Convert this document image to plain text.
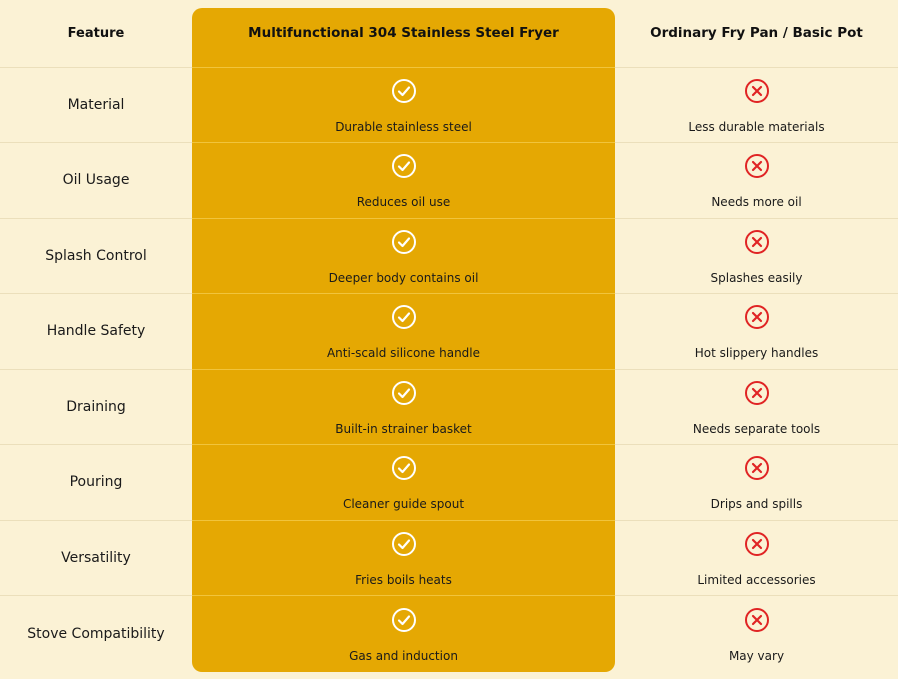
Feature	Multifunctional 304 Stainless Steel Fryer	Ordinary Fry Pan / Basic Pot
Material	Durable stainless steel	Less durable materials

Oil Usage	Reduces oil use	Needs more oil

Splash Control	Deeper body contains oil	Splashes easily

Handle Safety	Anti-scald silicone handle	Hot slippery handles

Draining	Built-in strainer basket	Needs separate tools

Pouring	Cleaner guide spout	Drips and spills

Versatility	Fries boils heats	Limited accessories

Stove Compatibility	Gas and induction	May vary
